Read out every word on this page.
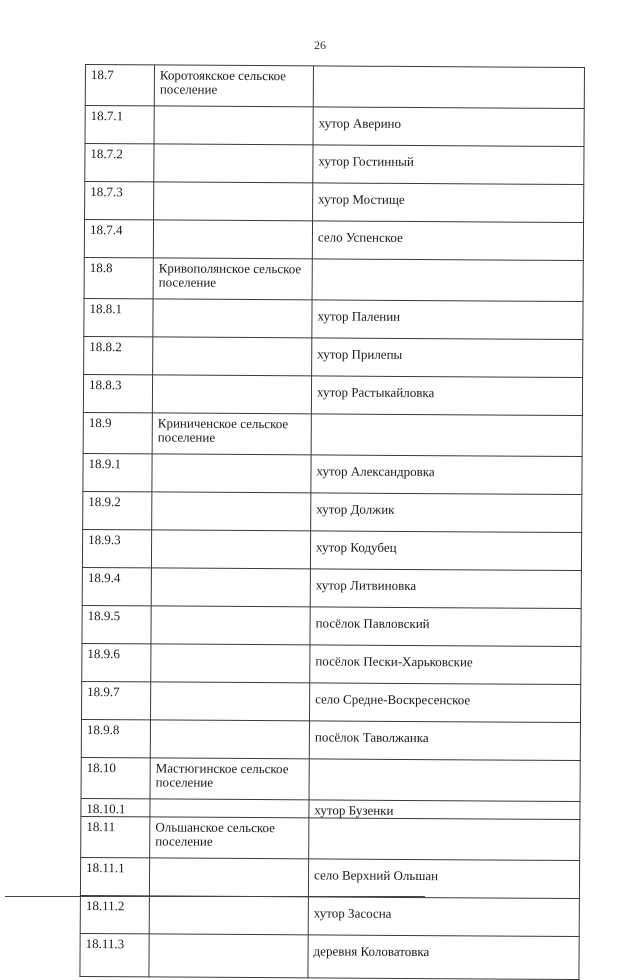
26
18.7	Коротоякское сельское поселение	
18.7.1		хутор Аверино
18.7.2		хутор Гостинный
18.7.3		хутор Мостище
18.7.4		село Успенское
18.8	Кривополянское сельское поселение	
18.8.1		хутор Паленин
18.8.2		хутор Прилепы
18.8.3		хутор Растыкайловка
18.9	Криниченское сельское поселение	
18.9.1		хутор Александровка
18.9.2		хутор Должик
18.9.3		хутор Кодубец
18.9.4		хутор Литвиновка
18.9.5		посёлок Павловский
18.9.6		посёлок Пески-Харьковские
18.9.7		село Средне-Воскресенское
18.9.8		посёлок Таволжанка
18.10	Мастюгинское сельское поселение	
18.10.1		хутор Бузенки
18.11	Ольшанское сельское поселение	
18.11.1		село Верхний Ольшан
18.11.2		хутор Засосна
18.11.3		деревня Коловатовка
